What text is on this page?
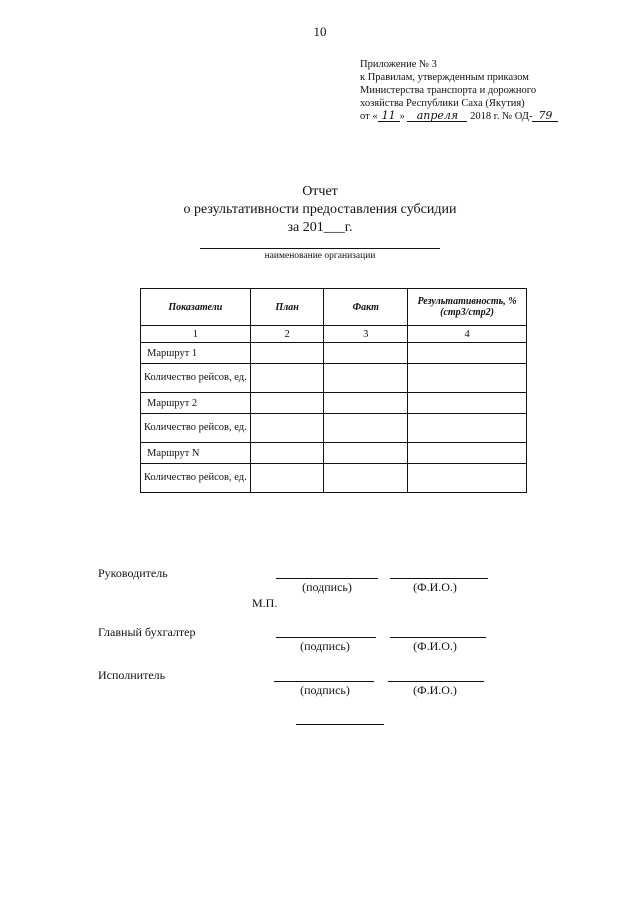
10
Приложение № 3
к Правилам, утвержденным приказом
Министерства транспорта и дорожного
хозяйства Республики Саха (Якутия)
от « 11 » апреля 2018 г. № ОД- 79
Отчет
о результативности предоставления субсидии
за 201___г.
наименование организации
Показатели	План	Факт	Результативность, % (стр3/стр2)
1	2	3	4
Маршрут 1			
Количество рейсов, ед.			
Маршрут 2			
Количество рейсов, ед.			
Маршрут N			
Количество рейсов, ед.			
Руководитель
(подпись)	(Ф.И.О.)
М.П.
Главный бухгалтер
(подпись)	(Ф.И.О.)
Исполнитель
(подпись)	(Ф.И.О.)
